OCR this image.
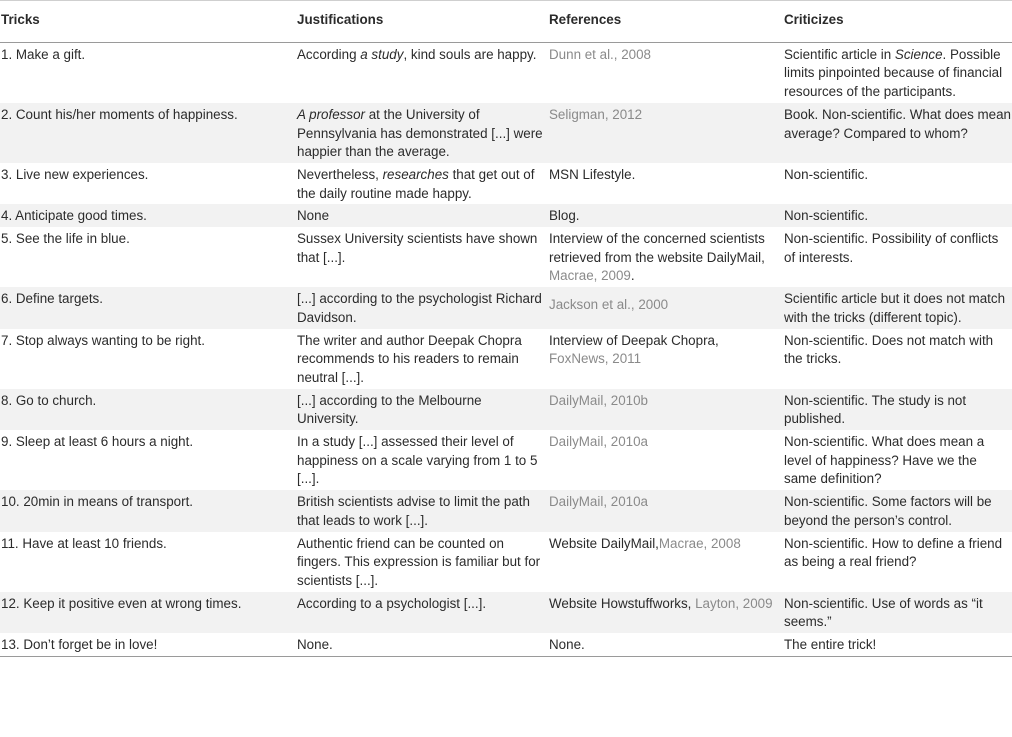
Tricks	Justifications	References	Criticizes
1. Make a gift.	According a study, kind souls are happy.	Dunn et al., 2008	Scientific article in Science. Possible limits pinpointed because of financial resources of the participants.
2. Count his/her moments of happiness.	A professor at the University of Pennsylvania has demonstrated [...] were happier than the average.	Seligman, 2012	Book. Non-scientific. What does mean average? Compared to whom?
3. Live new experiences.	Nevertheless, researches that get out of the daily routine made happy.	MSN Lifestyle.	Non-scientific.
4. Anticipate good times.	None	Blog.	Non-scientific.
5. See the life in blue.	Sussex University scientists have shown that [...].	Interview of the concerned scientists retrieved from the website DailyMail, Macrae, 2009.	Non-scientific. Possibility of conflicts of interests.
6. Define targets.	[...] according to the psychologist Richard Davidson.	Jackson et al., 2000	Scientific article but it does not match with the tricks (different topic).
7. Stop always wanting to be right.	The writer and author Deepak Chopra recommends to his readers to remain neutral [...].	Interview of Deepak Chopra, FoxNews, 2011	Non-scientific. Does not match with the tricks.
8. Go to church.	[...] according to the Melbourne University.	DailyMail, 2010b	Non-scientific. The study is not published.
9. Sleep at least 6 hours a night.	In a study [...] assessed their level of happiness on a scale varying from 1 to 5 [...].	DailyMail, 2010a	Non-scientific. What does mean a level of happiness? Have we the same definition?
10. 20min in means of transport.	British scientists advise to limit the path that leads to work [...].	DailyMail, 2010a	Non-scientific. Some factors will be beyond the person’s control.
11. Have at least 10 friends.	Authentic friend can be counted on fingers. This expression is familiar but for scientists [...].	Website DailyMail,Macrae, 2008	Non-scientific. How to define a friend as being a real friend?
12. Keep it positive even at wrong times.	According to a psychologist [...].	Website Howstuffworks, Layton, 2009	Non-scientific. Use of words as “it seems.”
13. Don’t forget be in love!	None.	None.	The entire trick!
